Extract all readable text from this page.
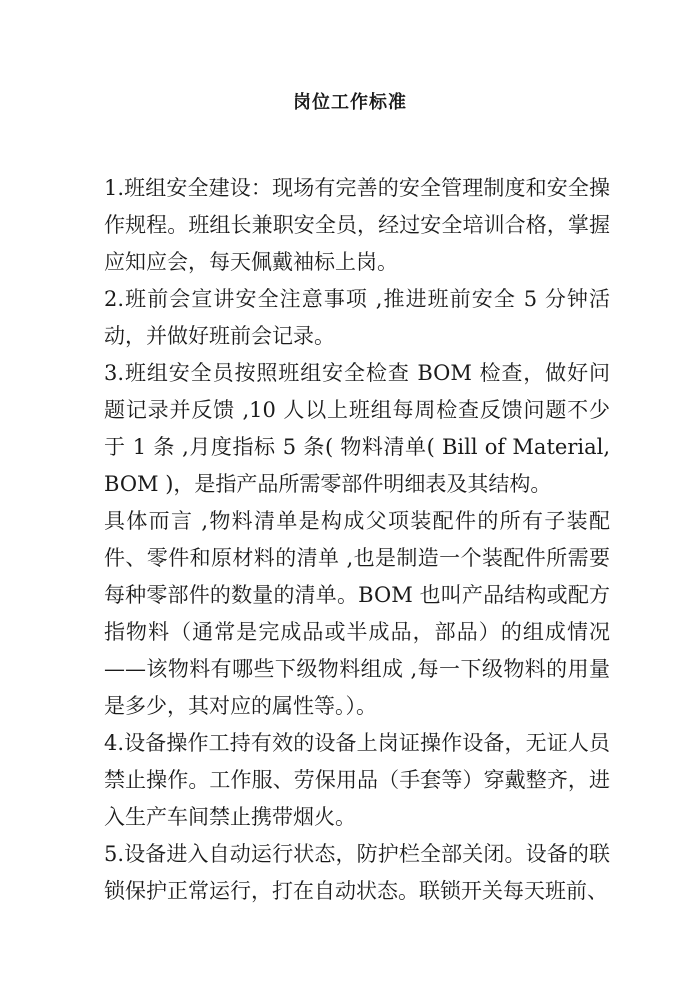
岗位工作标准

1.班组安全建设：现场有完善的安全管理制度和安全操作规程。班组长兼职安全员，经过安全培训合格，掌握应知应会，每天佩戴袖标上岗。

2.班前会宣讲安全注意事项 ,推进班前安全 5 分钟活动，并做好班前会记录。

3.班组安全员按照班组安全检查 BOM 检查，做好问题记录并反馈 ,10 人以上班组每周检查反馈问题不少于 1 条 ,月度指标 5 条( 物料清单( Bill of Material, BOM )，是指产品所需零部件明细表及其结构。

具体而言 ,物料清单是构成父项装配件的所有子装配件、零件和原材料的清单 ,也是制造一个装配件所需要每种零部件的数量的清单。BOM 也叫产品结构或配方指物料（通常是完成品或半成品，部品）的组成情况——该物料有哪些下级物料组成 ,每一下级物料的用量是多少，其对应的属性等。）。

4.设备操作工持有效的设备上岗证操作设备，无证人员禁止操作。工作服、劳保用品（手套等）穿戴整齐，进入生产车间禁止携带烟火。

5.设备进入自动运行状态，防护栏全部关闭。设备的联锁保护正常运行，打在自动状态。联锁开关每天班前、
